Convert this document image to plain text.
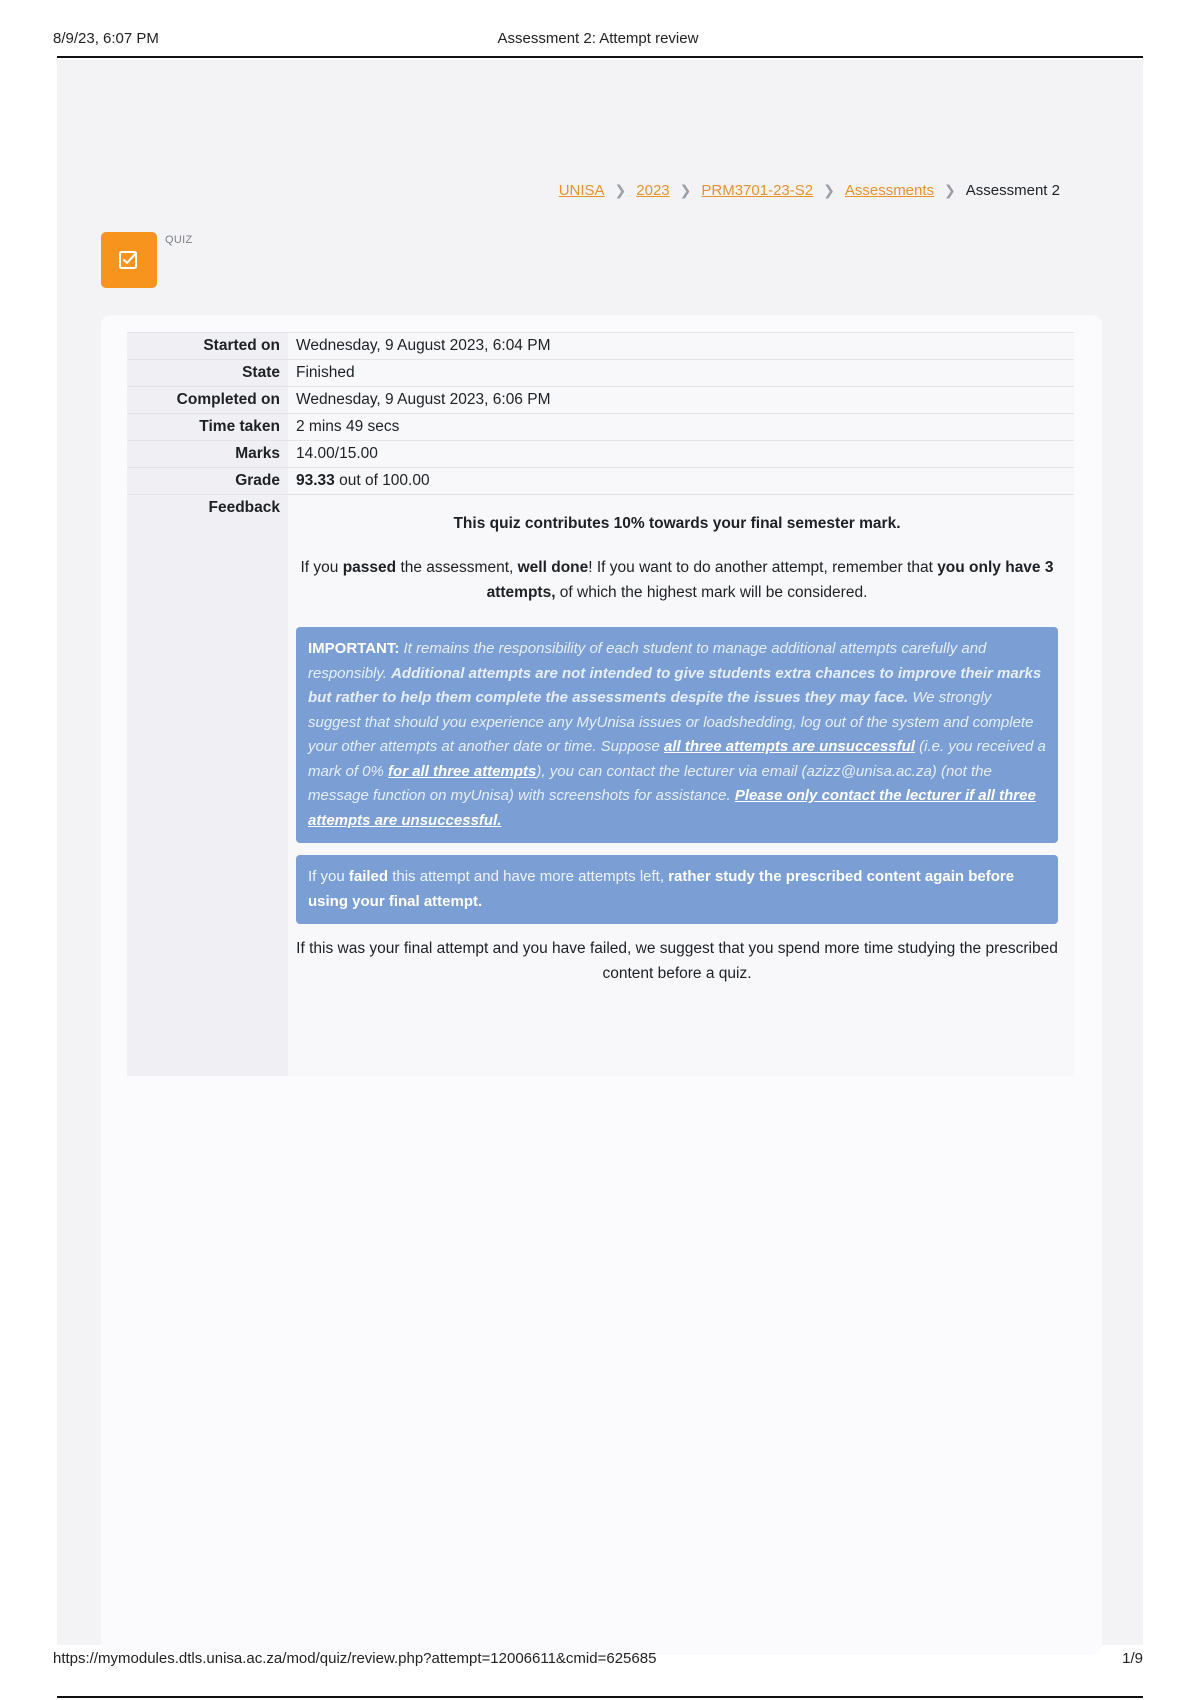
8/9/23, 6:07 PM	Assessment 2: Attempt review
UNISA ❯ 2023 ❯ PRM3701-23-S2 ❯ Assessments ❯ Assessment 2
QUIZ
Started on	Wednesday, 9 August 2023, 6:04 PM
State	Finished
Completed on	Wednesday, 9 August 2023, 6:06 PM
Time taken	2 mins 49 secs
Marks	14.00/15.00
Grade	93.33 out of 100.00
Feedback	This quiz contributes 10% towards your final semester mark.
If you passed the assessment, well done! If you want to do another attempt, remember that you only have 3 attempts, of which the highest mark will be considered.
IMPORTANT: It remains the responsibility of each student to manage additional attempts carefully and responsibly. Additional attempts are not intended to give students extra chances to improve their marks but rather to help them complete the assessments despite the issues they may face. We strongly suggest that should you experience any MyUnisa issues or loadshedding, log out of the system and complete your other attempts at another date or time. Suppose all three attempts are unsuccessful (i.e. you received a mark of 0% for all three attempts), you can contact the lecturer via email (azizz@unisa.ac.za) (not the message function on myUnisa) with screenshots for assistance. Please only contact the lecturer if all three attempts are unsuccessful.
If you failed this attempt and have more attempts left, rather study the prescribed content again before using your final attempt.
If this was your final attempt and you have failed, we suggest that you spend more time studying the prescribed content before a quiz.
https://mymodules.dtls.unisa.ac.za/mod/quiz/review.php?attempt=12006611&cmid=625685	1/9
